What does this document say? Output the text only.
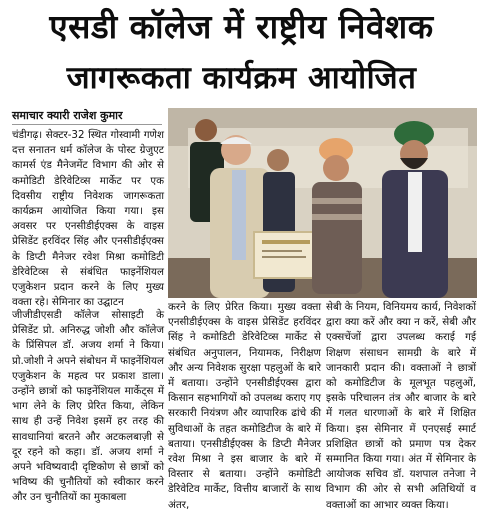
एसडी कॉलेज में राष्ट्रीय निवेशक
जागरूकता कार्यक्रम आयोजित
समाचार क्यारी राजेश कुमार
चंडीगढ़। सेक्टर-32 स्थित गोस्वामी गणेश दत्त सनातन धर्म कॉलेज के पोस्ट ग्रेजुएट कामर्स एंड मैनेजमेंट विभाग की ओर से कमोडिटी डेरिवेटिव्स मार्केट पर एक दिवसीय राष्ट्रीय निवेशक जागरूकता कार्यक्रम आयोजित किया गया। इस अवसर पर एनसीडीईएक्स के वाइस प्रेसिडेंट हरविंदर सिंह और एनसीडीईएक्स के डिप्टी मैनेजर रवेश मिश्रा कमोडिटी डेरिवेटिव्स से संबंधित फाइनेंशियल एजुकेशन प्रदान करने के लिए मुख्य वक्ता रहे। सेमिनार का उद्घाटन
जीजीडीएसडी कॉलेज सोसाइटी के प्रेसिडेंट प्रो. अनिरुद्ध जोशी और कॉलेज के प्रिंसिपल डॉ. अजय शर्मा ने किया। प्रो.जोशी ने अपने संबोधन में फाइनेंशियल एजुकेशन के महत्व पर प्रकाश डाला। उन्होंने छात्रों को फाइनेंशियल मार्केट्स में भाग लेने के लिए प्रेरित किया, लेकिन साथ ही उन्हें निवेश इसमें हर तरह की सावधानियां बरतने और अटकलबाज़ी से दूर रहने को कहा। डॉ. अजय शर्मा ने अपने भविष्यवादी दृष्टिकोण से छात्रों को भविष्य की चुनौतियों को स्वीकार करने और उन चुनौतियों का मुकाबला
करने के लिए प्रेरित किया। मुख्य वक्ता एनसीडीईएक्स के वाइस प्रेसिडेंट हरविंदर सिंह ने कमोडिटी डेरिवेटिव्स मार्केट से संबंधित अनुपालन, नियामक, निरीक्षण और अन्य निवेशक सुरक्षा पहलुओं के बारे में बताया। उन्होंने एनसीडीईएक्स द्वारा किसान सहभागियों को उपलब्ध कराए गए सरकारी नियंत्रण और व्यापारिक ढांचे की सुविधाओं के तहत कमोडिटीज के बारे में बताया। एनसीडीईएक्स के डिप्टी मैनेजर रवेश मिश्रा ने इस बाजार के बारे में विस्तार से बताया। उन्होंने कमोडिटी डेरिवेटिव मार्केट, वित्तीय बाजारों के साथ अंतर,
सेबी के नियम, विनियमय कार्य, निवेशकों द्वारा क्या करें और क्या न करें, सेबी और एक्सचेंजों द्वारा उपलब्ध कराई गई शिक्षण संसाधन सामग्री के बारे में जानकारी प्रदान की। वक्ताओं ने छात्रों को कमोडिटीज के मूलभूत पहलुओं, इसके परिचालन तंत्र और बाजार के बारे में गलत धारणाओं के बारे में शिक्षित किया। इस सेमिनार में एनएसई स्मार्ट प्रशिक्षित छात्रों को प्रमाण पत्र देकर सम्मानित किया गया। अंत में सेमिनार के आयोजक सचिव डॉ. यशपाल तनेजा ने विभाग की ओर से सभी अतिथियों व वक्ताओं का आभार व्यक्त किया।
